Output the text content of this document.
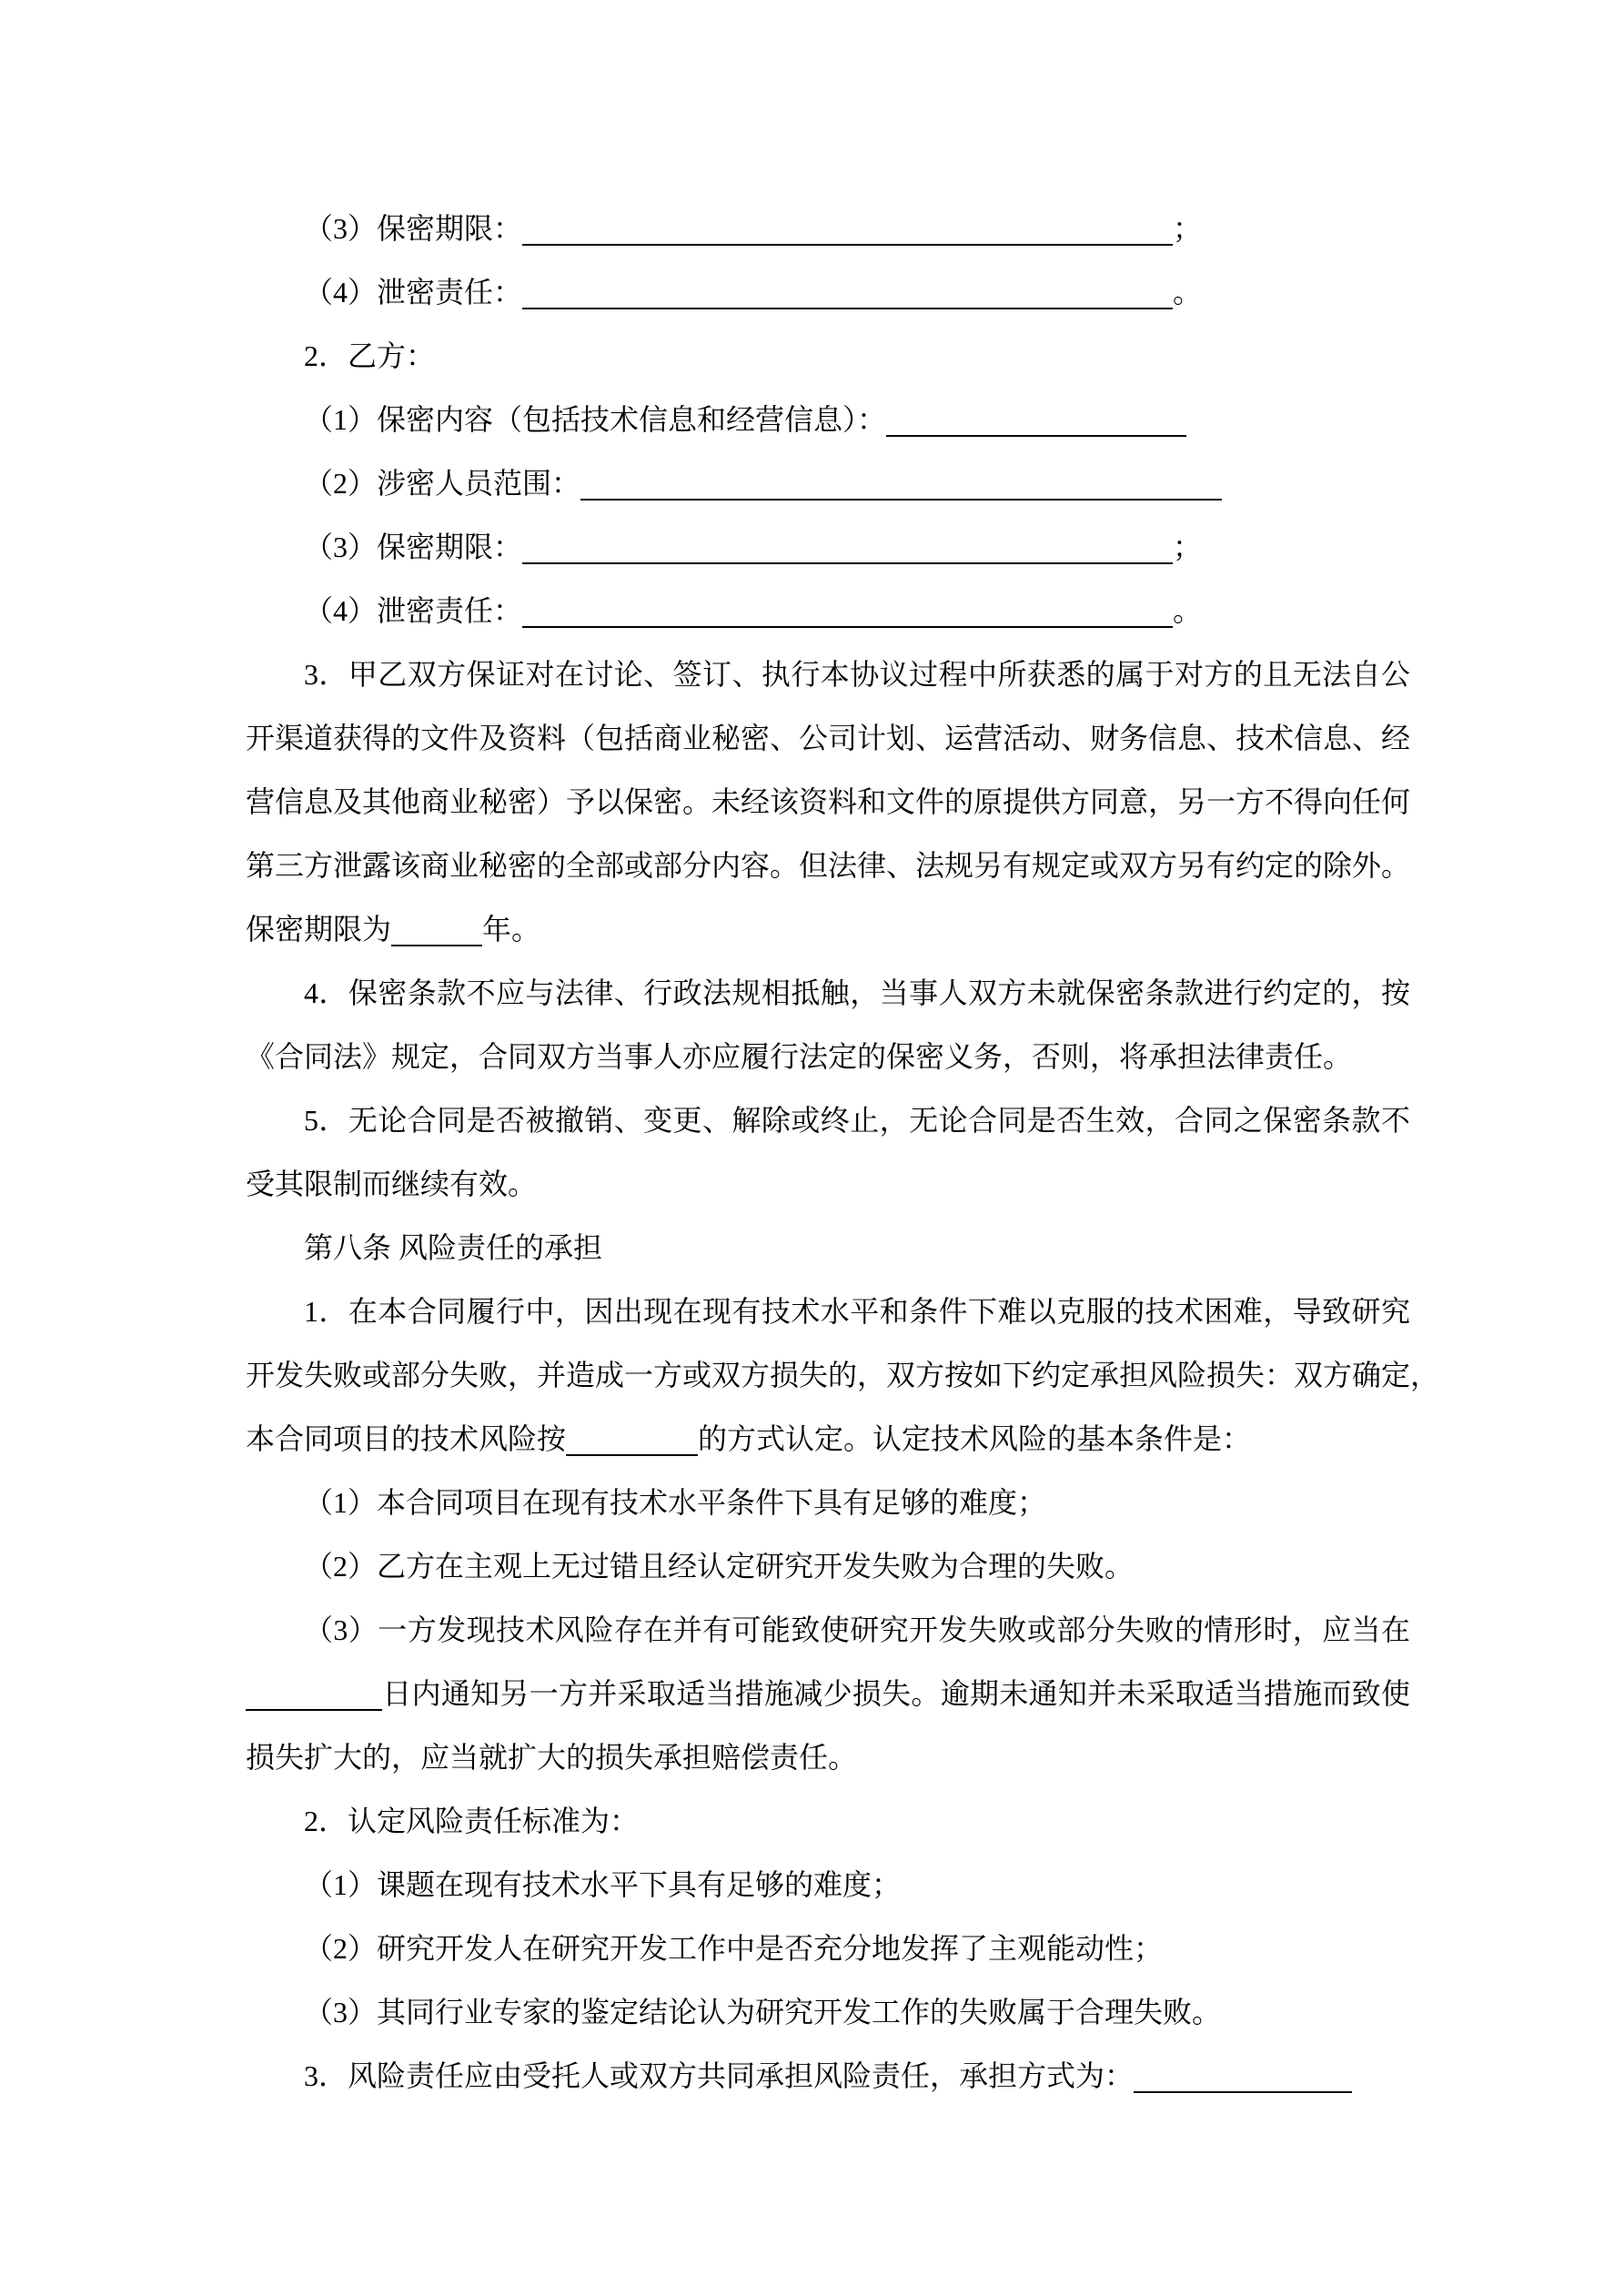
（3）保密期限：	；
（4）泄密责任：	。
2．乙方：
（1）保密内容（包括技术信息和经营信息）：
（2）涉密人员范围：
（3）保密期限：	；
（4）泄密责任：	。
3．甲乙双方保证对在讨论、签订、执行本协议过程中所获悉的属于对方的且无法自公
开渠道获得的文件及资料（包括商业秘密、公司计划、运营活动、财务信息、技术信息、经
营信息及其他商业秘密）予以保密。未经该资料和文件的原提供方同意，另一方不得向任何
第三方泄露该商业秘密的全部或部分内容。但法律、法规另有规定或双方另有约定的除外。
保密期限为	年。
4．保密条款不应与法律、行政法规相抵触，当事人双方未就保密条款进行约定的，按
《合同法》规定，合同双方当事人亦应履行法定的保密义务，否则，将承担法律责任。
5．无论合同是否被撤销、变更、解除或终止，无论合同是否生效，合同之保密条款不
受其限制而继续有效。
第八条 风险责任的承担
1．在本合同履行中，因出现在现有技术水平和条件下难以克服的技术困难，导致研究
开发失败或部分失败，并造成一方或双方损失的，双方按如下约定承担风险损失：双方确定，
本合同项目的技术风险按	的方式认定。认定技术风险的基本条件是：
（1）本合同项目在现有技术水平条件下具有足够的难度；
（2）乙方在主观上无过错且经认定研究开发失败为合理的失败。
（3）一方发现技术风险存在并有可能致使研究开发失败或部分失败的情形时，应当在
日内通知另一方并采取适当措施减少损失。逾期未通知并未采取适当措施而致使
损失扩大的，应当就扩大的损失承担赔偿责任。
2．认定风险责任标准为：
（1）课题在现有技术水平下具有足够的难度；
（2）研究开发人在研究开发工作中是否充分地发挥了主观能动性；
（3）其同行业专家的鉴定结论认为研究开发工作的失败属于合理失败。
3．风险责任应由受托人或双方共同承担风险责任，承担方式为：
